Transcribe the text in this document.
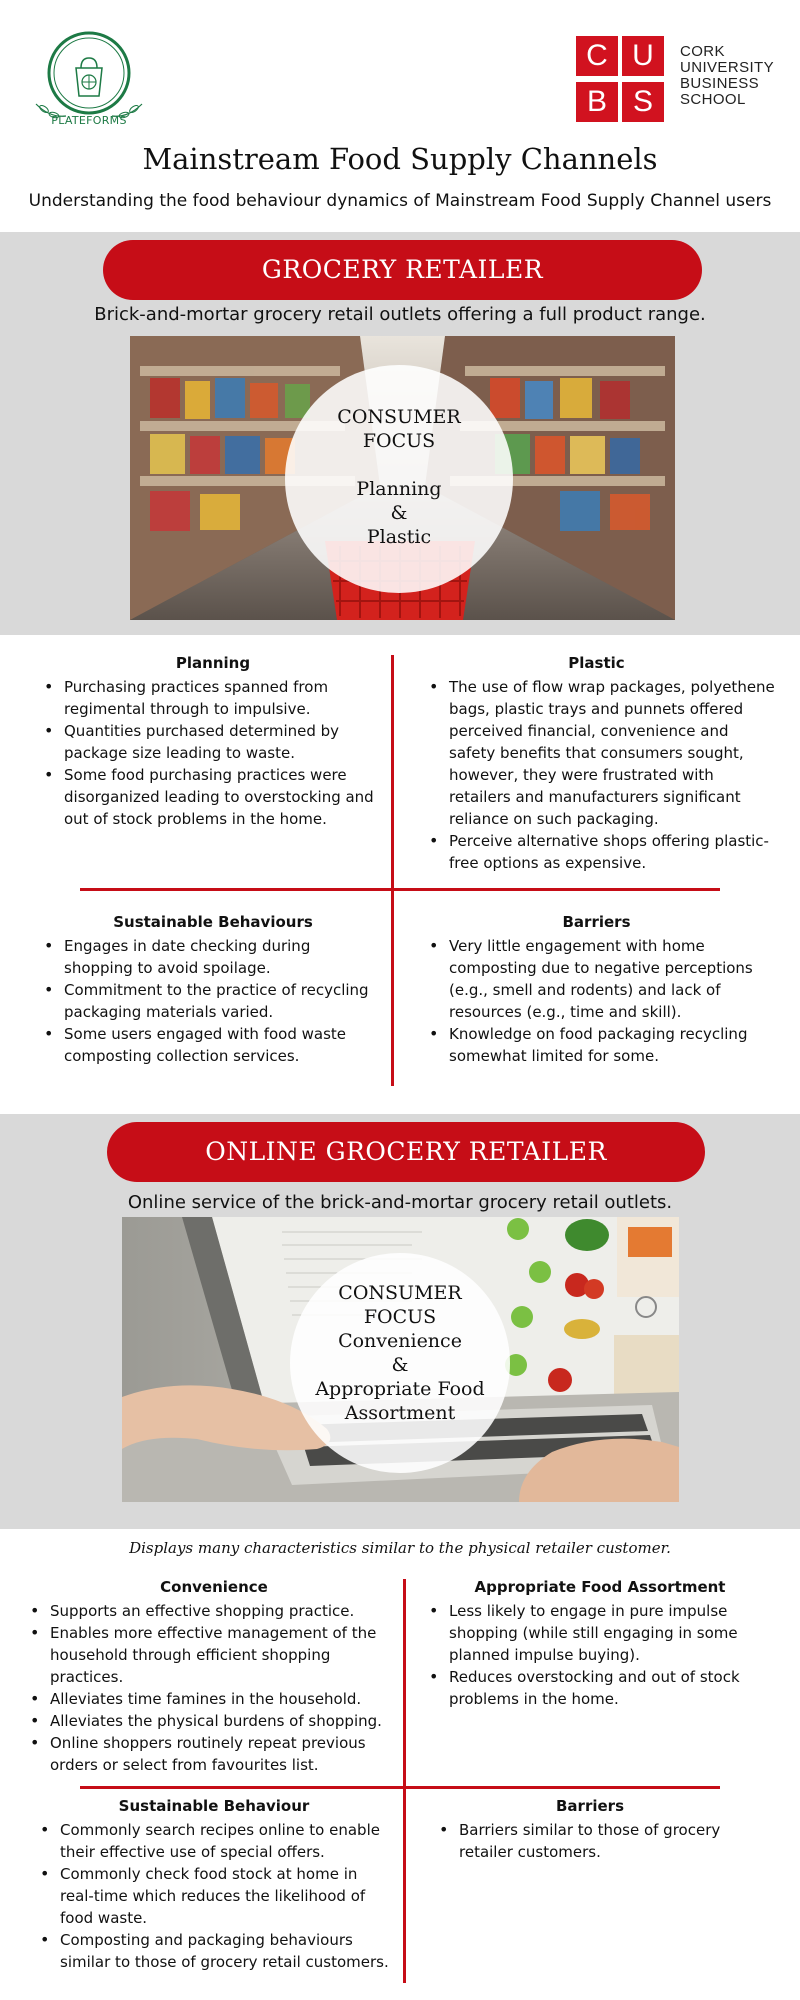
PLATEFORMS
C U
B S
CORK
UNIVERSITY
BUSINESS
SCHOOL
Mainstream Food Supply Channels
Understanding the food behaviour dynamics of Mainstream Food Supply Channel users
GROCERY RETAILER
Brick-and-mortar grocery retail outlets offering a full product range.
CONSUMER
FOCUS
Planning
&
Plastic
Planning
• Purchasing practices spanned from regimental through to impulsive.
• Quantities purchased determined by package size leading to waste.
• Some food purchasing practices were disorganized leading to overstocking and out of stock problems in the home.
Plastic
• The use of flow wrap packages, polyethene bags, plastic trays and punnets offered perceived financial, convenience and safety benefits that consumers sought, however, they were frustrated with retailers and manufacturers significant reliance on such packaging.
• Perceive alternative shops offering plastic-free options as expensive.
Sustainable Behaviours
• Engages in date checking during shopping to avoid spoilage.
• Commitment to the practice of recycling packaging materials varied.
• Some users engaged with food waste composting collection services.
Barriers
• Very little engagement with home composting due to negative perceptions (e.g., smell and rodents) and lack of resources (e.g., time and skill).
• Knowledge on food packaging recycling somewhat limited for some.
ONLINE GROCERY RETAILER
Online service of the brick-and-mortar grocery retail outlets.
CONSUMER
FOCUS
Convenience
&
Appropriate Food
Assortment
Displays many characteristics similar to the physical retailer customer.
Convenience
• Supports an effective shopping practice.
• Enables more effective management of the household through efficient shopping practices.
• Alleviates time famines in the household.
• Alleviates the physical burdens of shopping.
• Online shoppers routinely repeat previous orders or select from favourites list.
Appropriate Food Assortment
• Less likely to engage in pure impulse shopping (while still engaging in some planned impulse buying).
• Reduces overstocking and out of stock problems in the home.
Sustainable Behaviour
• Commonly search recipes online to enable their effective use of special offers.
• Commonly check food stock at home in real-time which reduces the likelihood of food waste.
• Composting and packaging behaviours similar to those of grocery retail customers.
Barriers
• Barriers similar to those of grocery retailer customers.
